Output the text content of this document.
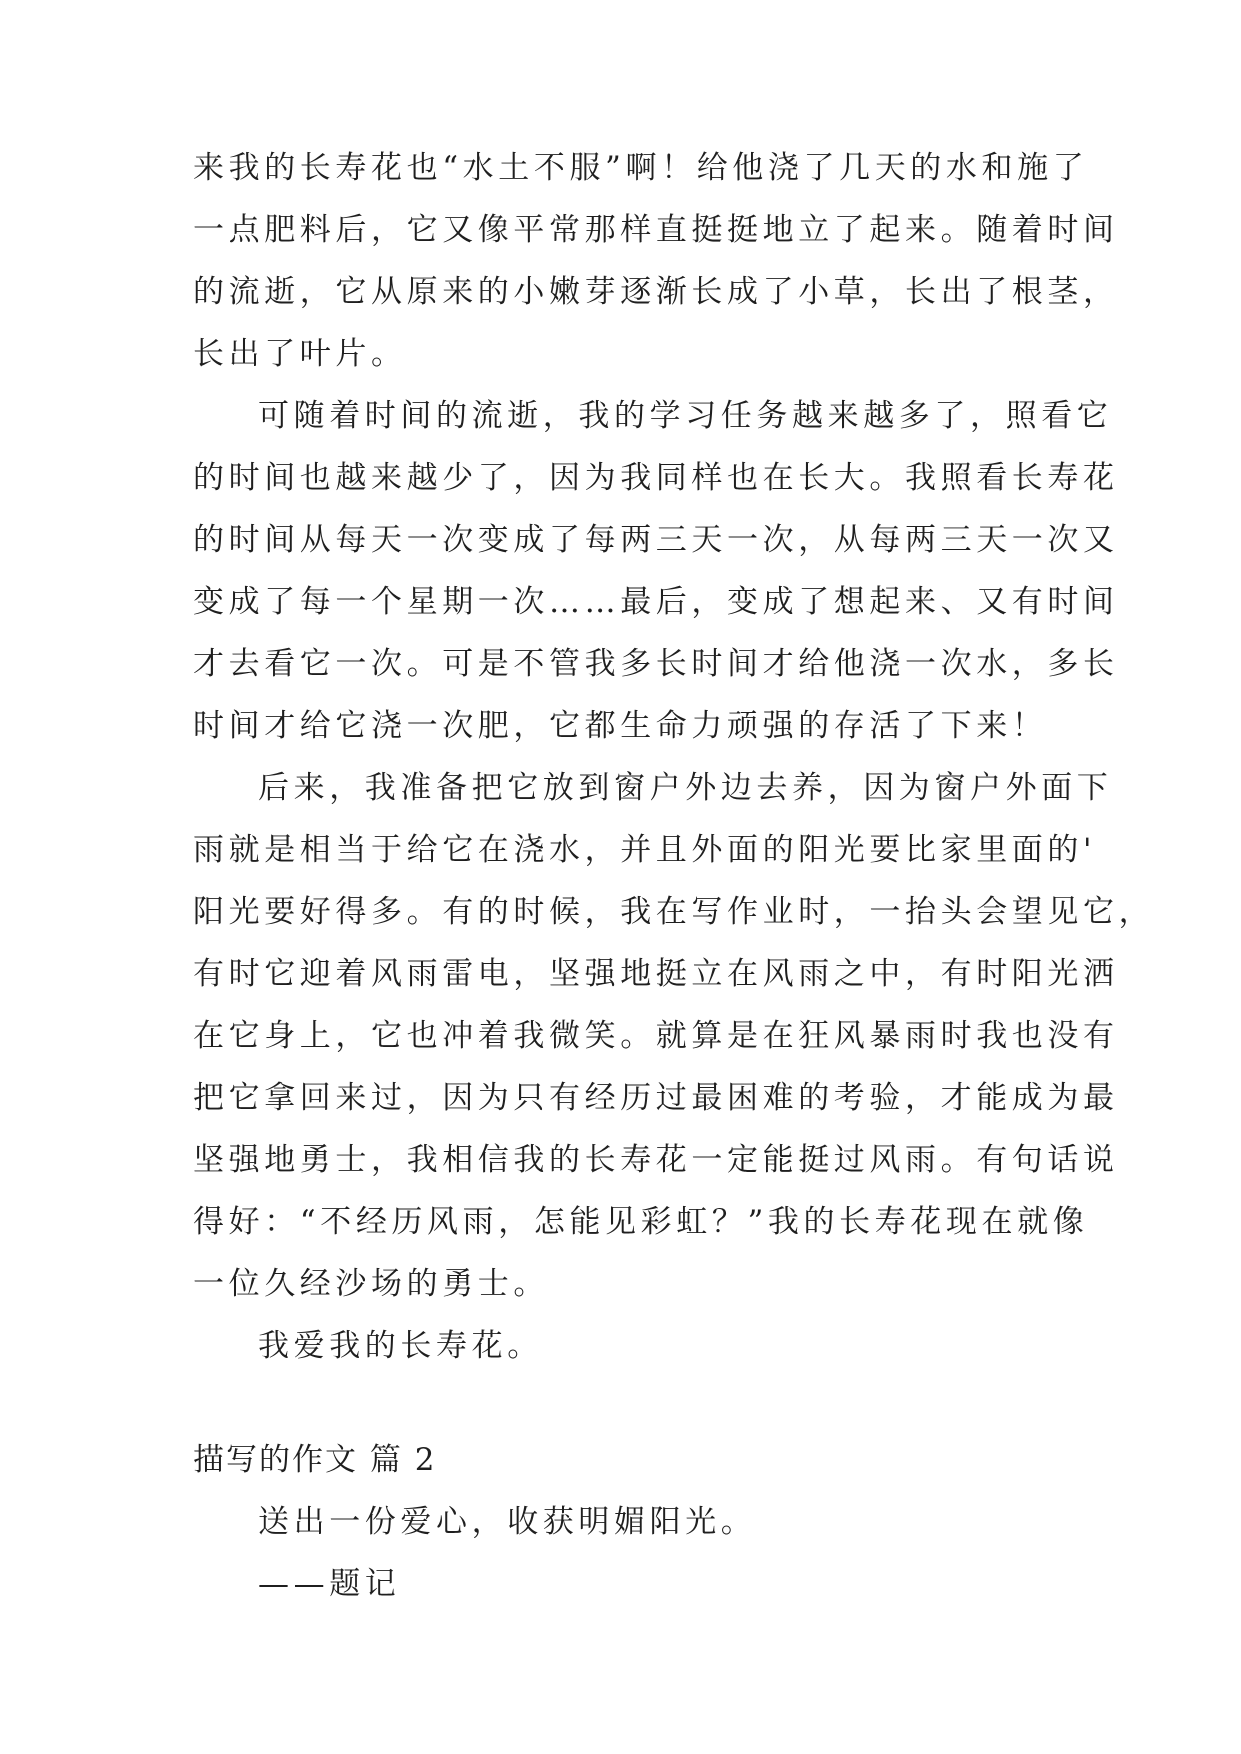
来我的长寿花也“水土不服”啊！给他浇了几天的水和施了
一点肥料后，它又像平常那样直挺挺地立了起来。随着时间
的流逝，它从原来的小嫩芽逐渐长成了小草，长出了根茎，
长出了叶片。
可随着时间的流逝，我的学习任务越来越多了，照看它
的时间也越来越少了，因为我同样也在长大。我照看长寿花
的时间从每天一次变成了每两三天一次，从每两三天一次又
变成了每一个星期一次……最后，变成了想起来、又有时间
才去看它一次。可是不管我多长时间才给他浇一次水，多长
时间才给它浇一次肥，它都生命力顽强的存活了下来！
后来，我准备把它放到窗户外边去养，因为窗户外面下
雨就是相当于给它在浇水，并且外面的阳光要比家里面的'
阳光要好得多。有的时候，我在写作业时，一抬头会望见它，
有时它迎着风雨雷电，坚强地挺立在风雨之中，有时阳光洒
在它身上，它也冲着我微笑。就算是在狂风暴雨时我也没有
把它拿回来过，因为只有经历过最困难的考验，才能成为最
坚强地勇士，我相信我的长寿花一定能挺过风雨。有句话说
得好：“不经历风雨，怎能见彩虹？”我的长寿花现在就像
一位久经沙场的勇士。
我爱我的长寿花。
描写的作文 篇 2
送出一份爱心，收获明媚阳光。
——题记
